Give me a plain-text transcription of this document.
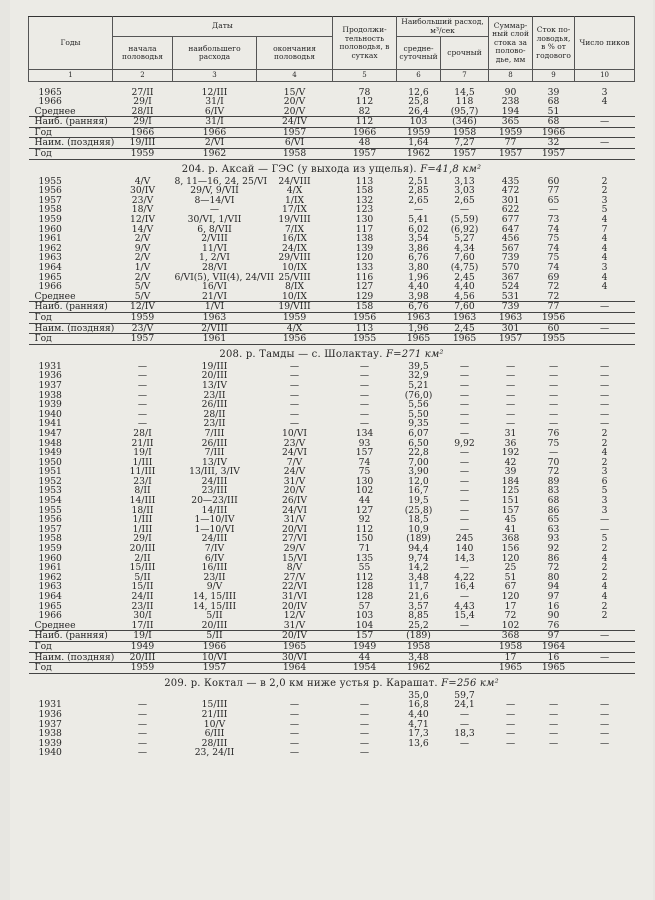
Годы	Даты			Продолжи- тельность половодья, в сутках	Наибольший расход, м³/сек		Суммар- ный слой стока за полово- дье, мм	Сток по- ловодья, в % от годового	Число пиков
	начала половодья	наибольшего расхода	окончания половодья		средне- суточный	срочный			
1	2	3	4	5	6	7	8	9	10

1965	27/II	12/III	15/V	78	12,6	14,5	90	39	3
1966	29/I	31/I	20/V	112	25,8	118	238	68	4
Среднее	28/II	6/IV	20/V	82	26,4	(95,7)	194	51	
Наиб. (ранняя)	29/I	31/I	24/IV	112	103	(346)	365	68	—
Год	1966	1966	1957	1966	1959	1958	1959	1966	
Наим. (поздняя)	19/III	2/VI	6/VI	48	1,64	7,27	77	32	—
Год	1959	1962	1958	1957	1962	1957	1957	1957	
204. р. Аксай — ГЭС (у выхода из ущелья). F=41,8 км²									
1955	4/V	8, 11—16, 24, 25/VI	24/VIII	113	2,51	3,13	435	60	2
1956	30/IV	29/V, 9/VII	4/X	158	2,85	3,03	472	77	2
1957	23/V	8—14/VI	1/IX	132	2,65	2,65	301	65	3
1958	18/V	—	17/IX	123	—	—	622	—	5
1959	12/IV	30/VI, 1/VII	19/VIII	130	5,41	(5,59)	677	73	4
1960	14/V	6, 8/VII	7/IX	117	6,02	(6,92)	647	74	7
1961	2/V	2/VIII	16/IX	138	3,54	5,27	456	75	4
1962	9/V	11/VI	24/IX	139	3,86	4,34	567	74	4
1963	2/V	1, 2/VI	29/VIII	120	6,76	7,60	739	75	4
1964	1/V	28/VI	10/IX	133	3,80	(4,75)	570	74	3
1965	2/V	6/VI(5), VII(4), 24/VII	25/VIII	116	1,96	2,45	367	69	4
1966	5/V	16/VI	8/IX	127	4,40	4,40	524	72	4
Среднее	5/V	21/VI	10/IX	129	3,98	4,56	531	72	
Наиб. (ранняя)	12/IV	1/VI	19/VIII	158	6,76	7,60	739	77	—
Год	1959	1963	1959	1956	1963	1963	1963	1956	
Наим. (поздняя)	23/V	2/VIII	4/X	113	1,96	2,45	301	60	—
Год	1957	1961	1956	1955	1965	1965	1957	1955	
208. р. Тамды — с. Шолактау. F=271 км²									
1931	—	19/III	—	—	39,5	—	—	—	—
1936	—	20/III	—	—	32,9	—	—	—	—
1937	—	13/IV	—	—	5,21	—	—	—	—
1938	—	23/II	—	—	(76,0)	—	—	—	—
1939	—	26/III	—	—	5,56	—	—	—	—
1940	—	28/II	—	—	5,50	—	—	—	—
1941	—	23/II	—	—	9,35	—	—	—	—
1947	28/I	7/III	10/VI	134	6,07	—	31	76	2
1948	21/II	26/III	23/V	93	6,50	9,92	36	75	2
1949	19/I	7/III	24/VI	157	22,8	—	192	—	4
1950	1/III	13/IV	7/V	74	7,00	—	42	70	2
1951	11/III	13/III, 3/IV	24/V	75	3,90	—	39	72	3
1952	23/I	24/III	31/V	130	12,0	—	184	89	6
1953	8/II	23/III	20/V	102	16,7	—	125	83	5
1954	14/III	20—23/III	26/IV	44	19,5	—	151	68	3
1955	18/II	14/III	24/VI	127	(25,8)	—	157	86	3
1956	1/III	1—10/IV	31/V	92	18,5	—	45	65	—
1957	1/III	1—10/VI	20/VI	112	10,9	—	41	63	—
1958	29/I	24/III	27/VI	150	(189)	245	368	93	5
1959	20/III	7/IV	29/V	71	94,4	140	156	92	2
1960	2/II	6/IV	15/VI	135	9,74	14,3	120	86	4
1961	15/III	16/III	8/V	55	14,2	—	25	72	2
1962	5/II	23/II	27/V	112	3,48	4,22	51	80	2
1963	15/II	9/V	22/VI	128	11,7	16,4	67	94	4
1964	24/II	14, 15/III	31/VI	128	21,6	—	120	97	4
1965	23/II	14, 15/III	20/IV	57	3,57	4,43	17	16	2
1966	30/I	5/II	12/V	103	8,85	15,4	72	90	2
Среднее	17/II	20/III	31/V	104	25,2	—	102	76	
Наиб. (ранняя)	19/I	5/II	20/IV	157	(189)		368	97	—
Год	1949	1966	1965	1949	1958		1958	1964	
Наим. (поздняя)	20/III	10/VI	30/VI	44	3,48		17	16	—
Год	1959	1957	1964	1954	1962		1965	1965	
209. р. Коктал — в 2,0 км ниже устья р. Карашат. F=256 км²									
					35,0	59,7			
1931	—	15/III	—	—	16,8	24,1	—	—	—
1936	—	21/III	—	—	4,40	—	—	—	—
1937	—	10/V	—	—	4,71	—	—	—	—
1938	—	6/III	—	—	17,3	18,3	—	—	—
1939	—	28/III	—	—	13,6	—	—	—	—
1940	—	23, 24/II	—	—					
